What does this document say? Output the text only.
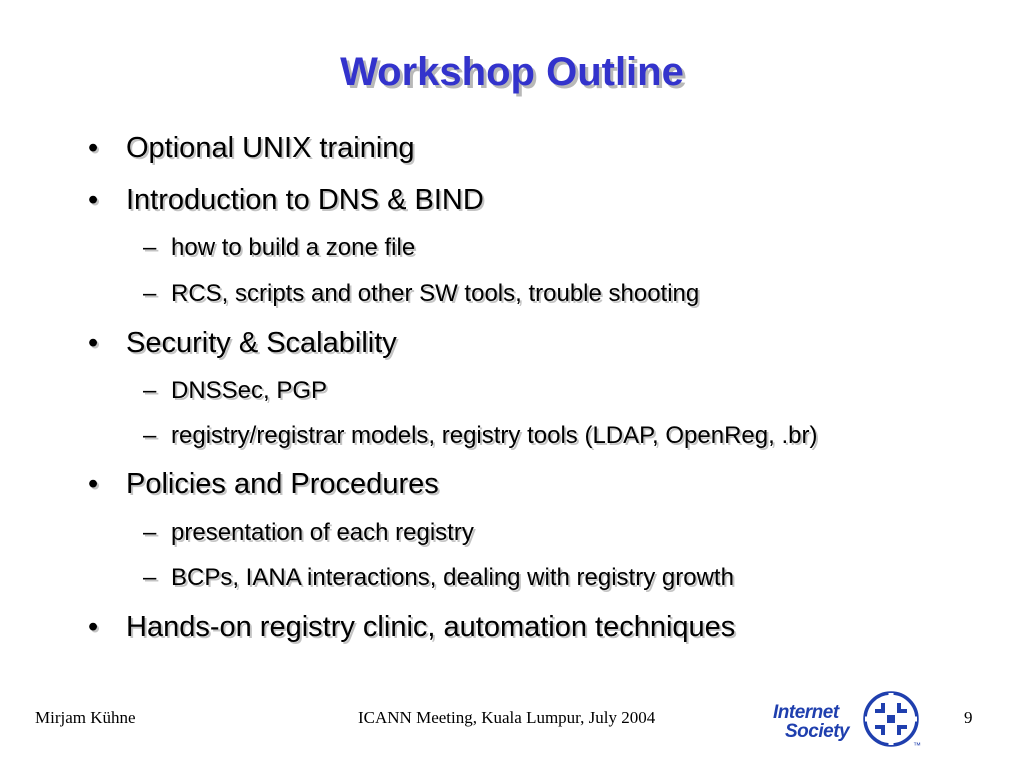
Workshop Outline
• Optional UNIX training
• Introduction to DNS & BIND
– how to build a zone file
– RCS, scripts and other SW tools, trouble shooting
• Security & Scalability
– DNSSec, PGP
– registry/registrar models, registry tools (LDAP, OpenReg, .br)
• Policies and Procedures
– presentation of each registry
– BCPs, IANA interactions, dealing with registry growth
• Hands-on registry clinic, automation techniques
Mirjam Kühne	ICANN Meeting, Kuala Lumpur, July 2004	9
Internet
Society
™
